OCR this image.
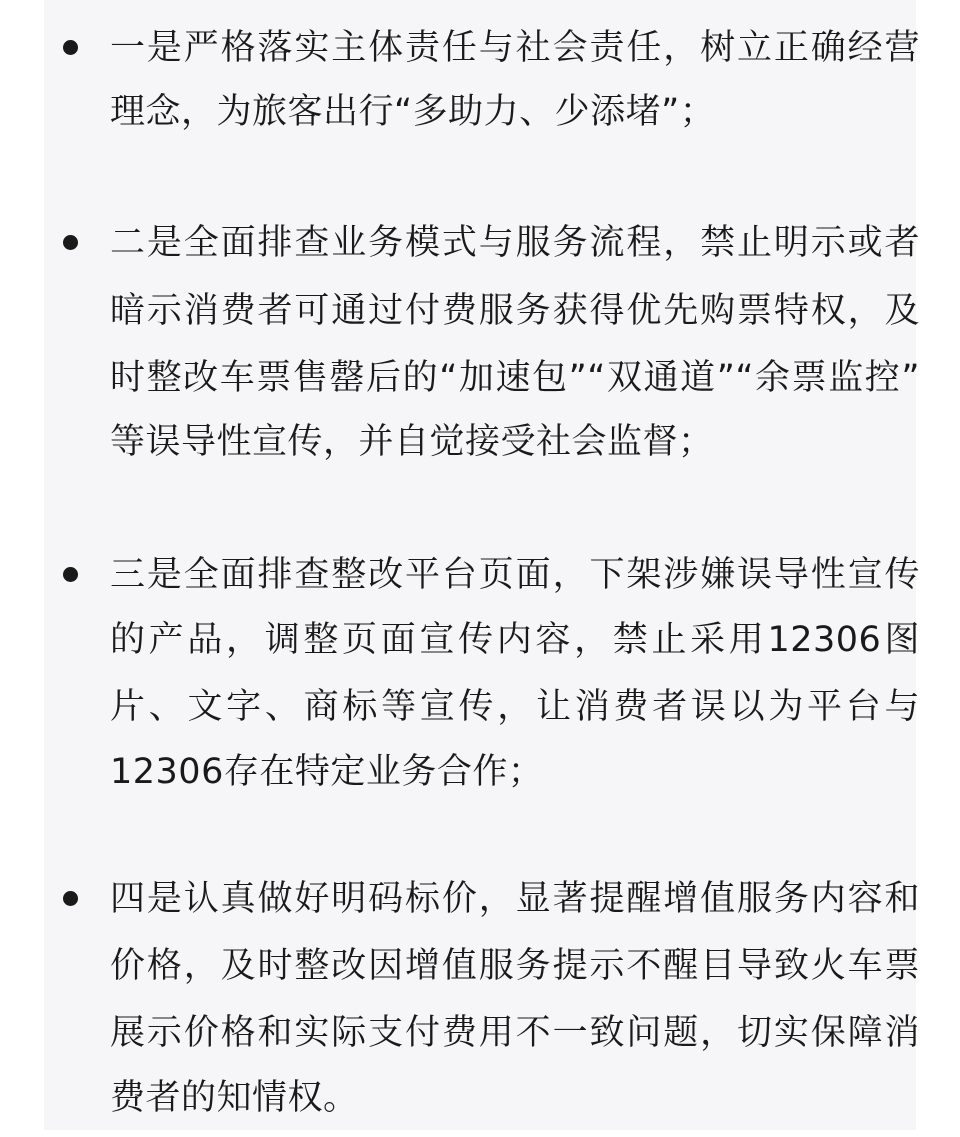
一是严格落实主体责任与社会责任，树立正确经营

理念，为旅客出行“多助力、少添堵”；

二是全面排查业务模式与服务流程，禁止明示或者

暗示消费者可通过付费服务获得优先购票特权，及

时整改车票售罄后的“加速包”“双通道”“余票监控”

等误导性宣传，并自觉接受社会监督；

三是全面排查整改平台页面，下架涉嫌误导性宣传

的产品，调整页面宣传内容，禁止采用12306图

片、文字、商标等宣传，让消费者误以为平台与

12306存在特定业务合作；

四是认真做好明码标价，显著提醒增值服务内容和

价格，及时整改因增值服务提示不醒目导致火车票

展示价格和实际支付费用不一致问题，切实保障消

费者的知情权。
